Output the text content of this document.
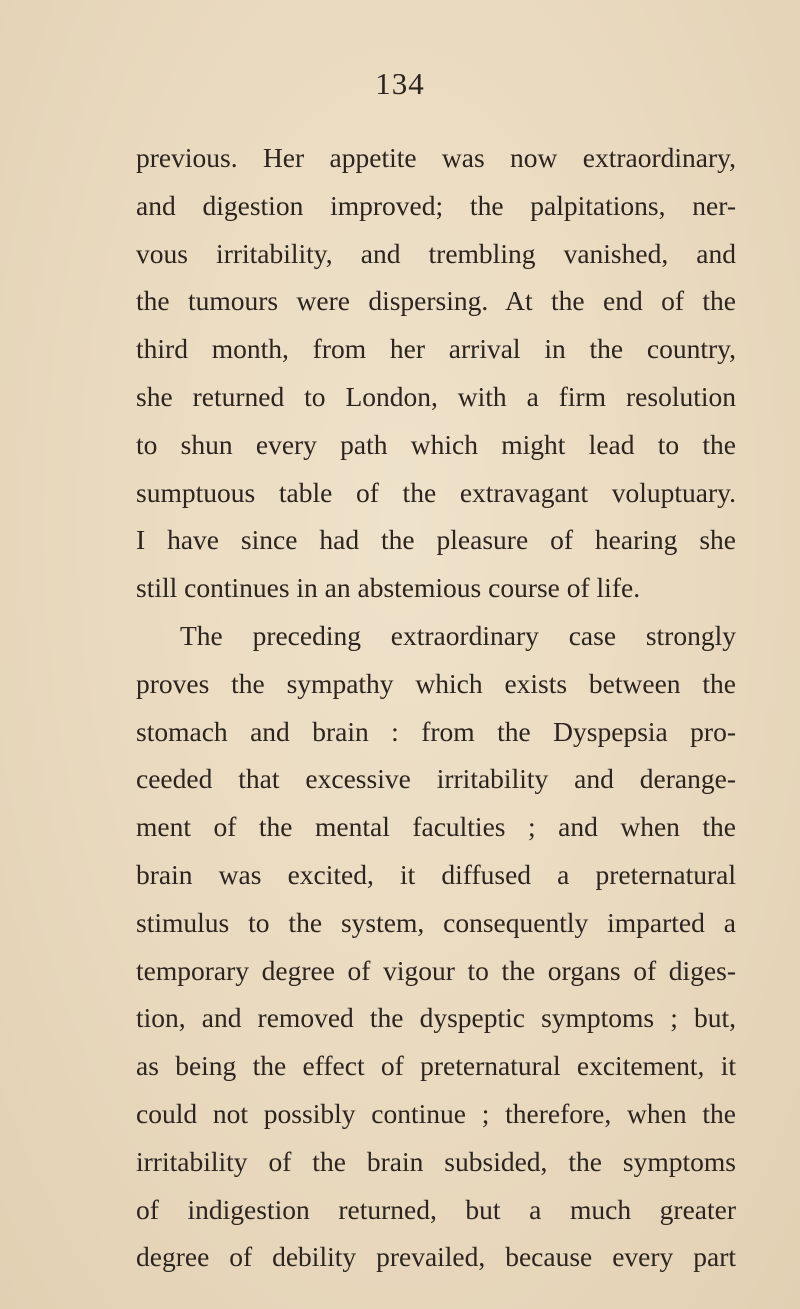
134
previous. Her appetite was now extraordinary,
and digestion improved; the palpitations, ner-
vous irritability, and trembling vanished, and
the tumours were dispersing. At the end of the
third month, from her arrival in the country,
she returned to London, with a firm resolution
to shun every path which might lead to the
sumptuous table of the extravagant voluptuary.
I have since had the pleasure of hearing she
still continues in an abstemious course of life.
The preceding extraordinary case strongly
proves the sympathy which exists between the
stomach and brain : from the Dyspepsia pro-
ceeded that excessive irritability and derange-
ment of the mental faculties ; and when the
brain was excited, it diffused a preternatural
stimulus to the system, consequently imparted a
temporary degree of vigour to the organs of diges-
tion, and removed the dyspeptic symptoms ; but,
as being the effect of preternatural excitement, it
could not possibly continue ; therefore, when the
irritability of the brain subsided, the symptoms
of indigestion returned, but a much greater
degree of debility prevailed, because every part
